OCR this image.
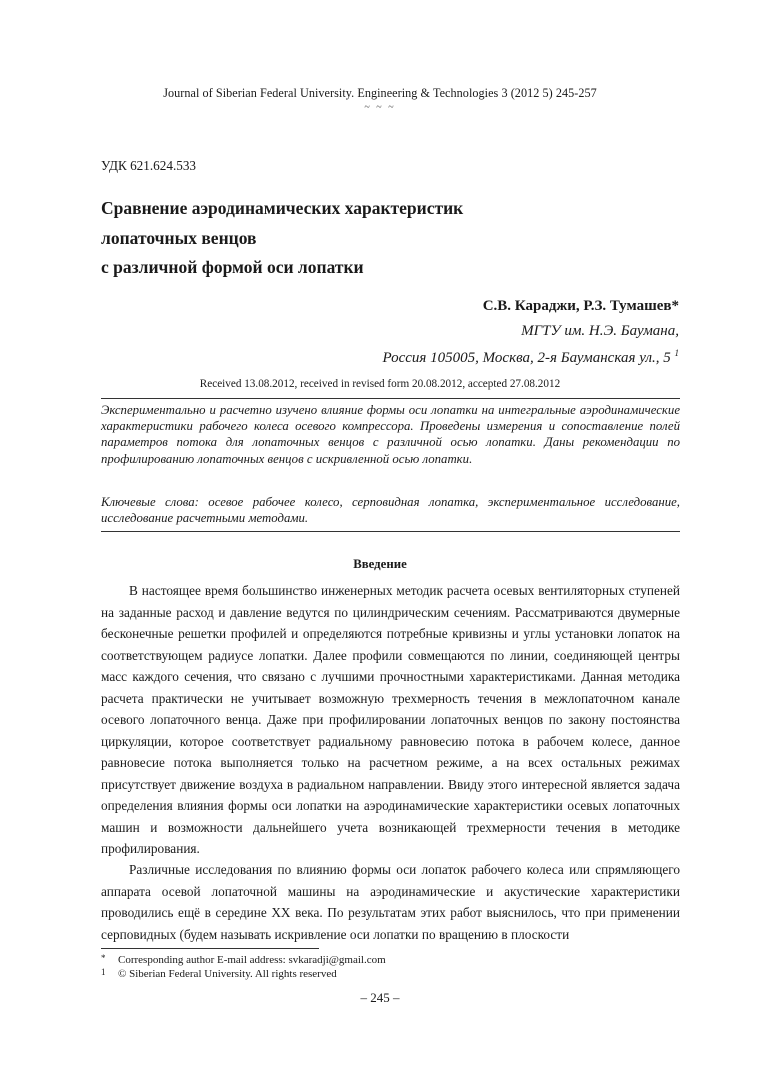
Journal of Siberian Federal University. Engineering & Technologies 3 (2012 5) 245-257
~ ~ ~
УДК 621.624.533
Сравнение аэродинамических характеристик
лопаточных венцов
с различной формой оси лопатки
С.В. Караджи, Р.З. Тумашев*
МГТУ им. Н.Э. Баумана,
Россия 105005, Москва, 2-я Бауманская ул., 5 $^1$
Received 13.08.2012, received in revised form 20.08.2012, accepted 27.08.2012

Экспериментально и расчетно изучено влияние формы оси лопатки на интегральные аэродинамические характеристики рабочего колеса осевого компрессора. Проведены измерения и сопоставление полей параметров потока для лопаточных венцов с различной осью лопатки. Даны рекомендации по профилированию лопаточных венцов с искривленной осью лопатки.

Ключевые слова: осевое рабочее колесо, серповидная лопатка, экспериментальное исследование, исследование расчетными методами.

Введение

В настоящее время большинство инженерных методик расчета осевых вентиляторных ступеней на заданные расход и давление ведутся по цилиндрическим сечениям. Рассматриваются двумерные бесконечные решетки профилей и определяются потребные кривизны и углы установки лопаток на соответствующем радиусе лопатки. Далее профили совмещаются по линии, соединяющей центры масс каждого сечения, что связано с лучшими прочностными характеристиками. Данная методика расчета практически не учитывает возможную трехмерность течения в межлопаточном канале осевого лопаточного венца. Даже при профилировании лопаточных венцов по закону постоянства циркуляции, которое соответствует радиальному равновесию потока в рабочем колесе, данное равновесие потока выполняется только на расчетном режиме, а на всех остальных режимах присутствует движение воздуха в радиальном направлении. Ввиду этого интересной является задача определения влияния формы оси лопатки на аэродинамические характеристики осевых лопаточных машин и возможности дальнейшего учета возникающей трехмерности течения в методике профилирования.

Различные исследования по влиянию формы оси лопаток рабочего колеса или спрямляющего аппарата осевой лопаточной машины на аэродинамические и акустические характеристики проводились ещё в середине XX века. По результатам этих работ выяснилось, что при применении серповидных (будем называть искривление оси лопатки по вращению в плоскости

* Corresponding author E-mail address: svkaradji@gmail.com
1 © Siberian Federal University. All rights reserved
– 245 –
